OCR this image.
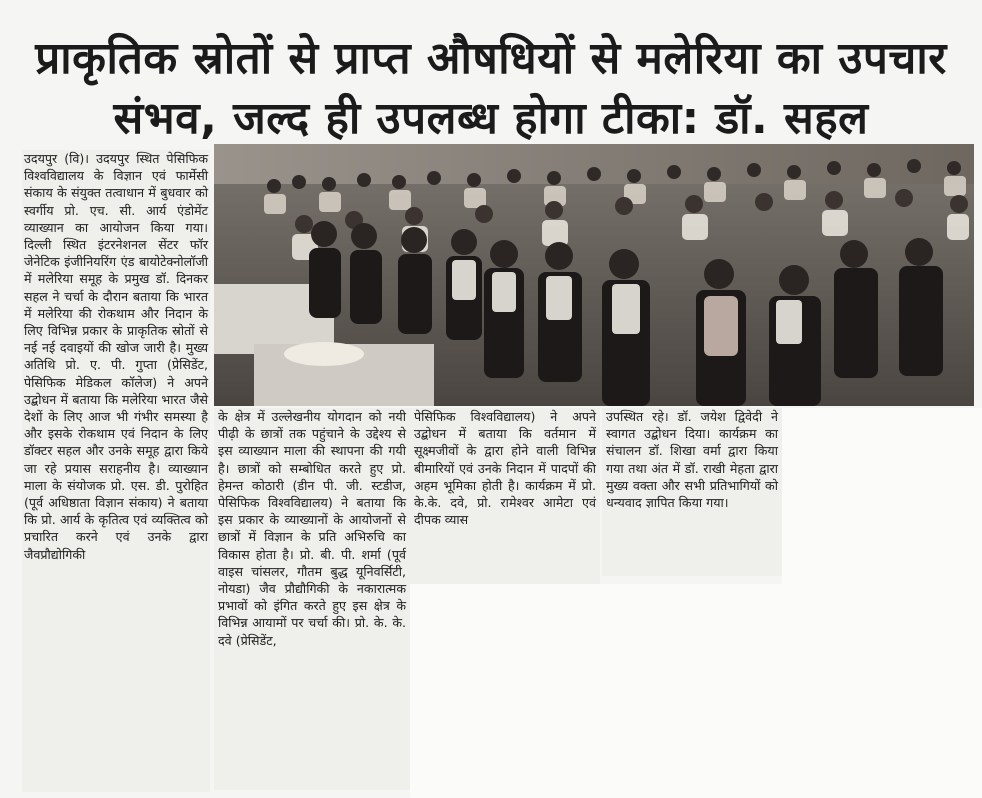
प्राकृतिक स्रोतों से प्राप्त औषधियों से मलेरिया का उपचार
संभव, जल्द ही उपलब्ध होगा टीका: डॉ. सहल

उदयपुर (वि)। उदयपुर स्थित पेसिफिक विश्वविद्यालय के विज्ञान एवं फार्मेसी संकाय के संयुक्त तत्वाधान में बुधवार को स्वर्गीय प्रो. एच. सी. आर्य एंडोमेंट व्याख्यान का आयोजन किया गया। दिल्ली स्थित इंटरनेशनल सेंटर फॉर जेनेटिक इंजीनियरिंग एंड बायोटेक्नोलॉजी में मलेरिया समूह के प्रमुख डॉ. दिनकर सहल ने चर्चा के दौरान बताया कि भारत में मलेरिया की रोकथाम और निदान के लिए विभिन्न प्रकार के प्राकृतिक स्रोतों से नई नई दवाइयों की खोज जारी है। मुख्य अतिथि प्रो. ए. पी. गुप्ता (प्रेसिडेंट, पेसिफिक मेडिकल कॉलेज) ने अपने उद्बोधन में बताया कि मलेरिया भारत जैसे देशों के लिए आज भी गंभीर समस्या है और इसके रोकथाम एवं निदान के लिए डॉक्टर सहल और उनके समूह द्वारा किये जा रहे प्रयास सराहनीय है। व्याख्यान माला के संयोजक प्रो. एस. डी. पुरोहित (पूर्व अधिष्ठाता विज्ञान संकाय) ने बताया कि प्रो. आर्य के कृतित्व एवं व्यक्तित्व को प्रचारित करने एवं उनके द्वारा जैवप्रौद्योगिकी

के क्षेत्र में उल्लेखनीय योगदान को नयी पीढ़ी के छात्रों तक पहुंचाने के उद्देश्य से इस व्याख्यान माला की स्थापना की गयी है। छात्रों को सम्बोधित करते हुए प्रो. हेमन्त कोठारी (डीन पी. जी. स्टडीज, पेसिफिक विश्वविद्यालय) ने बताया कि इस प्रकार के व्याख्यानों के आयोजनों से छात्रों में विज्ञान के प्रति अभिरुचि का विकास होता है। प्रो. बी. पी. शर्मा (पूर्व वाइस चांसलर, गौतम बुद्ध यूनिवर्सिटी, नोयडा) जैव प्रौद्यौगिकी के नकारात्मक प्रभावों को इंगित करते हुए इस क्षेत्र के विभिन्न आयामों पर चर्चा की। प्रो. के. के. दवे (प्रेसिडेंट,

पेसिफिक विश्वविद्यालय) ने अपने उद्बोधन में बताया कि वर्तमान में सूक्ष्मजीवों के द्वारा होने वाली विभिन्न बीमारियों एवं उनके निदान में पादपों की अहम भूमिका होती है। कार्यक्रम में प्रो. के.के. दवे, प्रो. रामेश्वर आमेटा एवं दीपक व्यास

उपस्थित रहे। डॉ. जयेश द्विवेदी ने स्वागत उद्बोधन दिया। कार्यक्रम का संचालन डॉ. शिखा वर्मा द्वारा किया गया तथा अंत में डॉ. राखी मेहता द्वारा मुख्य वक्ता और सभी प्रतिभागियों को धन्यवाद ज्ञापित किया गया।
